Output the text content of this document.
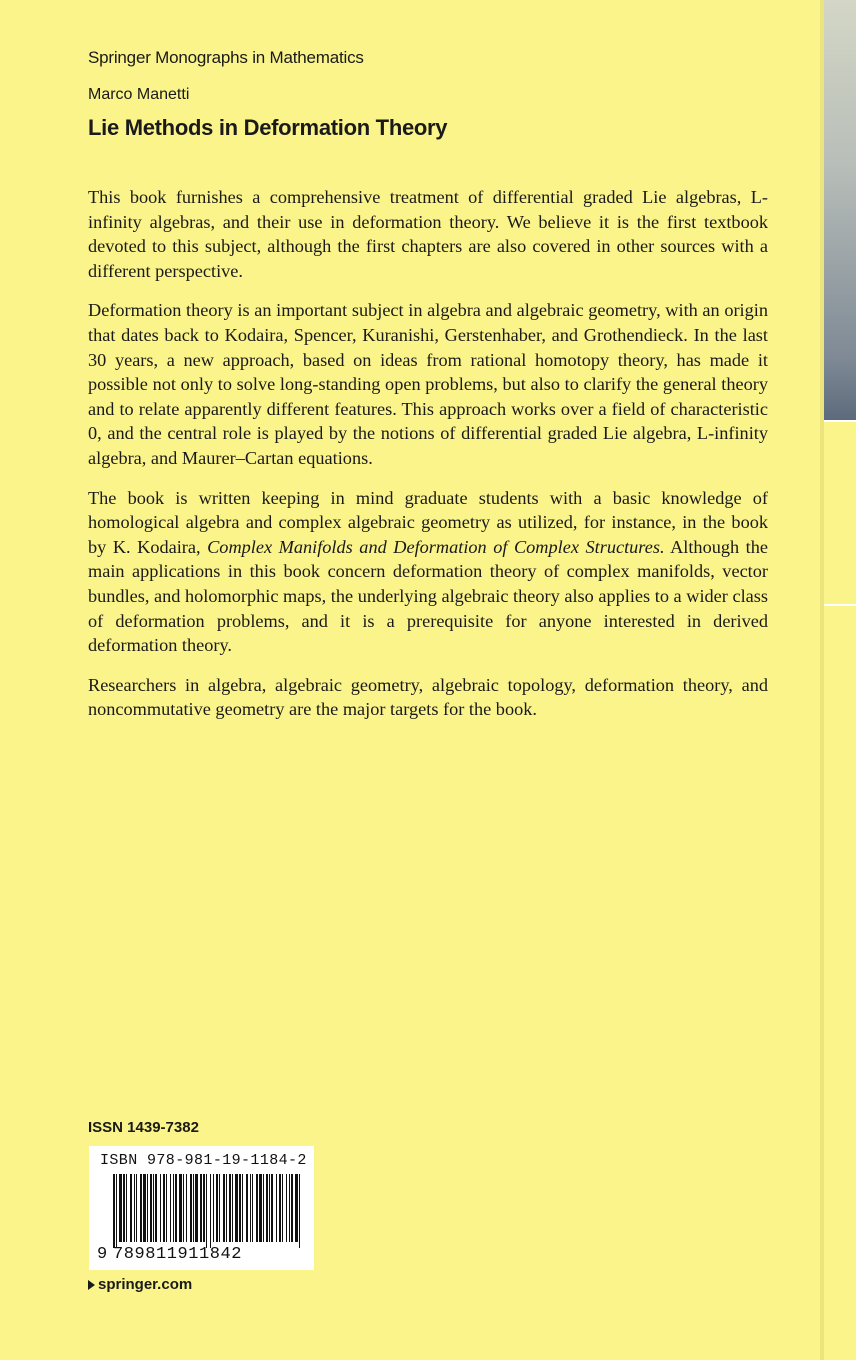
Springer Monographs in Mathematics
Marco Manetti
Lie Methods in Deformation Theory

This book furnishes a comprehensive treatment of differential graded Lie algebras, L-infinity algebras, and their use in deformation theory. We believe it is the first textbook devoted to this subject, although the first chapters are also covered in other sources with a different perspective.

Deformation theory is an important subject in algebra and algebraic geometry, with an origin that dates back to Kodaira, Spencer, Kuranishi, Gerstenhaber, and Grothendieck. In the last 30 years, a new approach, based on ideas from rational homotopy theory, has made it possible not only to solve long-standing open problems, but also to clarify the general theory and to relate apparently different features. This approach works over a field of characteristic 0, and the central role is played by the notions of differential graded Lie algebra, L-infinity algebra, and Maurer–Cartan equations.

The book is written keeping in mind graduate students with a basic knowledge of homological algebra and complex algebraic geometry as utilized, for instance, in the book by K. Kodaira, Complex Manifolds and Deformation of Complex Structures. Although the main applications in this book concern deformation theory of complex manifolds, vector bundles, and holomorphic maps, the underlying algebraic theory also applies to a wider class of deformation problems, and it is a prerequisite for anyone interested in derived deformation theory.

Researchers in algebra, algebraic geometry, algebraic topology, deformation theory, and noncommutative geometry are the major targets for the book.

ISSN 1439-7382
ISBN 978-981-19-1184-2
9 789811911842
springer.com
